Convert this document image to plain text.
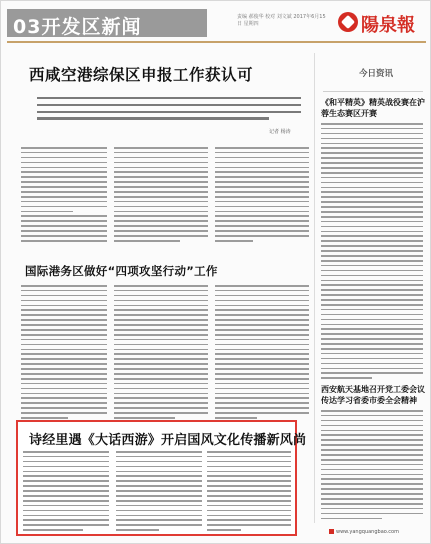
03开发区新闻	责编 郝俊华 校对 刘文斌 2017年6月15日 星期四	陽泉報
西咸空港综保区申报工作获认可
记者 杨涛
国际港务区做好“四项攻坚行动”工作
今日资讯
《和平精英》精英战役赛在沪蓉生态赛区开赛
西安航天基地召开党工委会议传达学习省委市委全会精神
诗经里遇《大话西游》开启国风文化传播新风尚
www.yangquangbao.com
